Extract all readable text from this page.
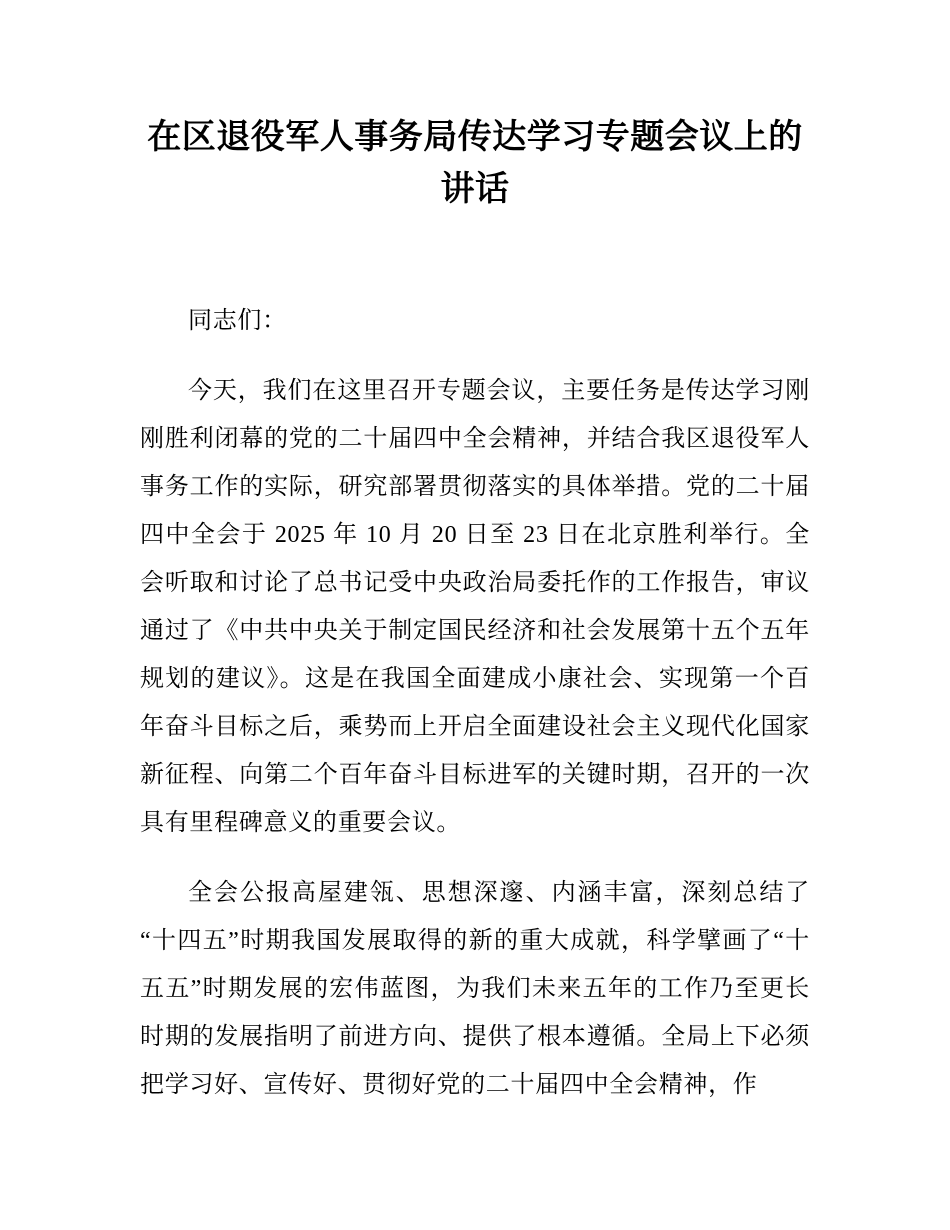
在区退役军人事务局传达学习专题会议上的讲话

同志们：

今天，我们在这里召开专题会议，主要任务是传达学习刚刚胜利闭幕的党的二十届四中全会精神，并结合我区退役军人事务工作的实际，研究部署贯彻落实的具体举措。党的二十届四中全会于 2025 年 10 月 20 日至 23 日在北京胜利举行。全会听取和讨论了总书记受中央政治局委托作的工作报告，审议通过了《中共中央关于制定国民经济和社会发展第十五个五年规划的建议》。这是在我国全面建成小康社会、实现第一个百年奋斗目标之后，乘势而上开启全面建设社会主义现代化国家新征程、向第二个百年奋斗目标进军的关键时期，召开的一次具有里程碑意义的重要会议。

全会公报高屋建瓴、思想深邃、内涵丰富，深刻总结了“十四五”时期我国发展取得的新的重大成就，科学擘画了“十五五”时期发展的宏伟蓝图，为我们未来五年的工作乃至更长时期的发展指明了前进方向、提供了根本遵循。全局上下必须把学习好、宣传好、贯彻好党的二十届四中全会精神，作
